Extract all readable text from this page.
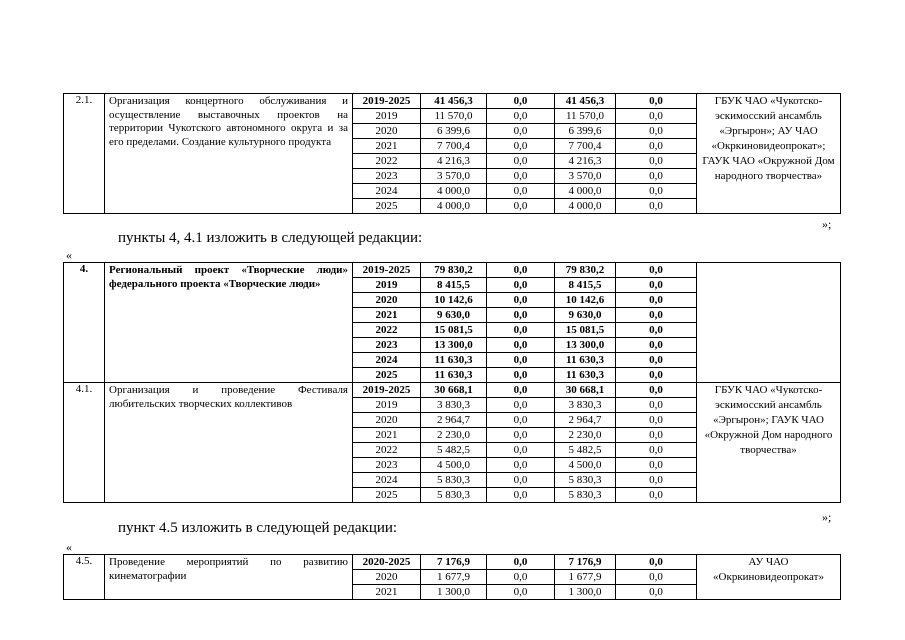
2.1.	Организация концертного обслуживания и осуществление выставочных проектов на территории Чукотского автономного округа и за его пределами. Создание культурного продукта	2019-2025	41 456,3	0,0	41 456,3	0,0	ГБУК ЧАО «Чукотско-эскимосский ансамбль «Эргырон»; АУ ЧАО «Окркиновидеопрокат»; ГАУК ЧАО «Окружной Дом народного творчества»
		2019	11 570,0	0,0	11 570,0	0,0	
		2020	6 399,6	0,0	6 399,6	0,0	
		2021	7 700,4	0,0	7 700,4	0,0	
		2022	4 216,3	0,0	4 216,3	0,0	
		2023	3 570,0	0,0	3 570,0	0,0	
		2024	4 000,0	0,0	4 000,0	0,0	
		2025	4 000,0	0,0	4 000,0	0,0	
»;
пункты 4, 4.1 изложить в следующей редакции:
«
4.	Региональный проект «Творческие люди» федерального проекта «Творческие люди»	2019-2025	79 830,2	0,0	79 830,2	0,0	
		2019	8 415,5	0,0	8 415,5	0,0	
		2020	10 142,6	0,0	10 142,6	0,0	
		2021	9 630,0	0,0	9 630,0	0,0	
		2022	15 081,5	0,0	15 081,5	0,0	
		2023	13 300,0	0,0	13 300,0	0,0	
		2024	11 630,3	0,0	11 630,3	0,0	
		2025	11 630,3	0,0	11 630,3	0,0	
4.1.	Организация и проведение Фестиваля любительских творческих коллективов	2019-2025	30 668,1	0,0	30 668,1	0,0	ГБУК ЧАО «Чукотско-эскимосский ансамбль «Эргырон»; ГАУК ЧАО «Окружной Дом народного творчества»
		2019	3 830,3	0,0	3 830,3	0,0	
		2020	2 964,7	0,0	2 964,7	0,0	
		2021	2 230,0	0,0	2 230,0	0,0	
		2022	5 482,5	0,0	5 482,5	0,0	
		2023	4 500,0	0,0	4 500,0	0,0	
		2024	5 830,3	0,0	5 830,3	0,0	
		2025	5 830,3	0,0	5 830,3	0,0	
»;
пункт 4.5 изложить в следующей редакции:
«
4.5.	Проведение мероприятий по развитию кинематографии	2020-2025	7 176,9	0,0	7 176,9	0,0	АУ ЧАО «Окркиновидеопрокат»
		2020	1 677,9	0,0	1 677,9	0,0	
		2021	1 300,0	0,0	1 300,0	0,0	
